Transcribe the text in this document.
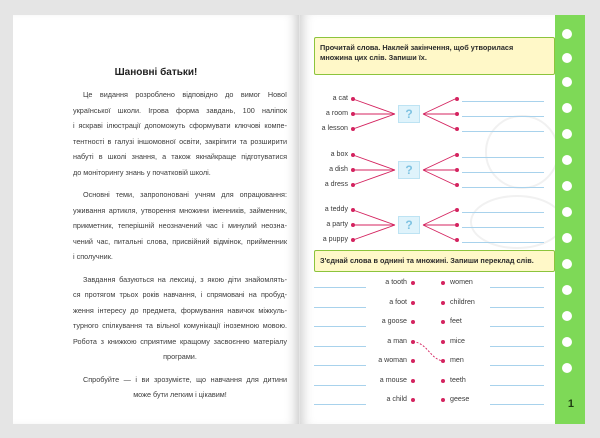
Шановні батьки!
Це видання розроблено відповідно до вимог Нової
української школи. Ігрова форма завдань, 100 наліпок
і яскраві ілюстрації допоможуть сформувати ключові компе-
тентності в галузі іншомовної освіти, закріпити та розширити
набуті в школі знання, а також якнайкраще підготуватися
до моніторингу знань у початковій школі.
Основні теми, запропоновані учням для опрацювання:
уживання артикля, утворення множини іменників, займенник,
прикметник, теперішній неозначений час і минулий неозна-
чений час, питальні слова, присвійний відмінок, прийменник
і сполучник.
Завдання базуються на лексиці, з якою діти знайомлять-
ся протягом трьох років навчання, і спрямовані на пробуд-
ження інтересу до предмета, формування навичок міжкуль-
турного спілкування та вільної комунікації іноземною мовою.
Робота з книжкою сприятиме кращому засвоєнню матеріалу
програми.
Спробуйте — і ви зрозумієте, що навчання для дитини
може бути легким і цікавим!
1
Прочитай слова. Наклей закінчення, щоб утворилася
множина цих слів. Запиши їх.
a cat
a room
a lesson
?
a box
a dish
a dress
?
a teddy
a party
a puppy
?
З'єднай слова в однині та множині. Запиши переклад слів.
a tooth
a foot
a goose
a man
a woman
a mouse
a child
women
children
feet
mice
men
teeth
geese
